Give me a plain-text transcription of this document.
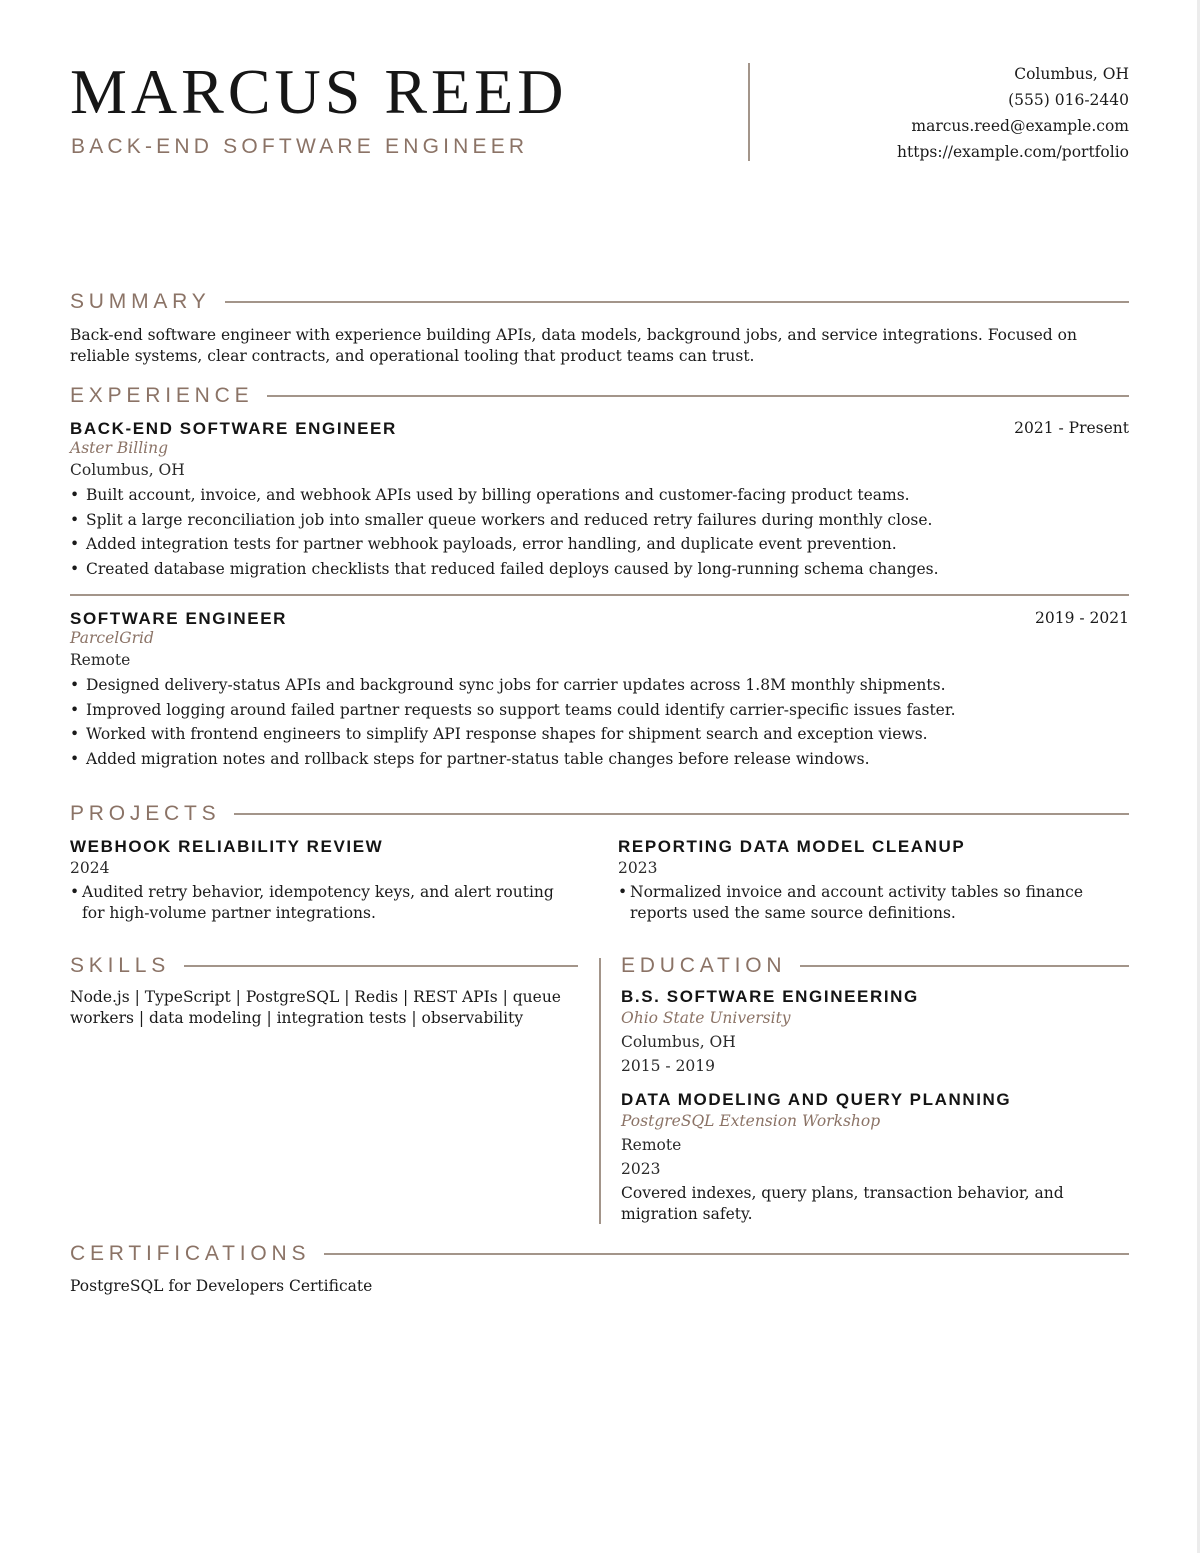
MARCUS REED
BACK-END SOFTWARE ENGINEER
Columbus, OH
(555) 016-2440
marcus.reed@example.com
https://example.com/portfolio
SUMMARY
Back-end software engineer with experience building APIs, data models, background jobs, and service integrations. Focused on reliable systems, clear contracts, and operational tooling that product teams can trust.
EXPERIENCE
BACK-END SOFTWARE ENGINEER	2021 - Present
Aster Billing
Columbus, OH
• Built account, invoice, and webhook APIs used by billing operations and customer-facing product teams.
• Split a large reconciliation job into smaller queue workers and reduced retry failures during monthly close.
• Added integration tests for partner webhook payloads, error handling, and duplicate event prevention.
• Created database migration checklists that reduced failed deploys caused by long-running schema changes.
SOFTWARE ENGINEER	2019 - 2021
ParcelGrid
Remote
• Designed delivery-status APIs and background sync jobs for carrier updates across 1.8M monthly shipments.
• Improved logging around failed partner requests so support teams could identify carrier-specific issues faster.
• Worked with frontend engineers to simplify API response shapes for shipment search and exception views.
• Added migration notes and rollback steps for partner-status table changes before release windows.
PROJECTS
WEBHOOK RELIABILITY REVIEW
2024
• Audited retry behavior, idempotency keys, and alert routing for high-volume partner integrations.
REPORTING DATA MODEL CLEANUP
2023
• Normalized invoice and account activity tables so finance reports used the same source definitions.
SKILLS
Node.js | TypeScript | PostgreSQL | Redis | REST APIs | queue workers | data modeling | integration tests | observability
EDUCATION
B.S. SOFTWARE ENGINEERING
Ohio State University
Columbus, OH
2015 - 2019
DATA MODELING AND QUERY PLANNING
PostgreSQL Extension Workshop
Remote
2023
Covered indexes, query plans, transaction behavior, and migration safety.
CERTIFICATIONS
PostgreSQL for Developers Certificate
